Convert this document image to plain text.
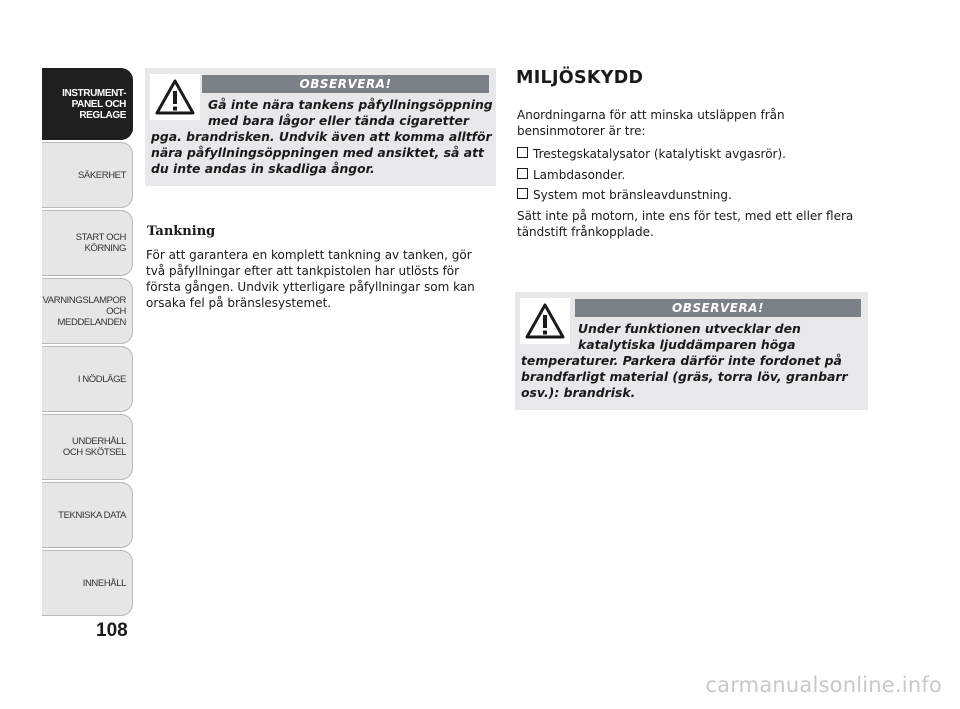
INSTRUMENT-
PANEL OCH
REGLAGE
SÄKERHET
START OCH
KÖRNING
VARNINGSLAMPOR
OCH
MEDDELANDEN
I NÖDLÄGE
UNDERHÅLL
OCH SKÖTSEL
TEKNISKA DATA
INNEHÅLL
108
OBSERVERA!
Gå inte nära tankens påfyllningsöppning
med bara lågor eller tända cigaretter
pga. brandrisken. Undvik även att komma alltför nära påfyllningsöppningen med ansiktet, så att du inte andas in skadliga ångor.
Tankning
För att garantera en komplett tankning av tanken, gör två påfyllningar efter att tankpistolen har utlösts för första gången. Undvik ytterligare påfyllningar som kan orsaka fel på bränslesystemet.
MILJÖSKYDD
Anordningarna för att minska utsläppen från bensinmotorer är tre:
Trestegskatalysator (katalytiskt avgasrör).
Lambdasonder.
System mot bränsleavdunstning.
Sätt inte på motorn, inte ens för test, med ett eller flera tändstift frånkopplade.
OBSERVERA!
Under funktionen utvecklar den
katalytiska ljuddämparen höga
temperaturer. Parkera därför inte fordonet på brandfarligt material (gräs, torra löv, granbarr osv.): brandrisk.
carmanualsonline.info
